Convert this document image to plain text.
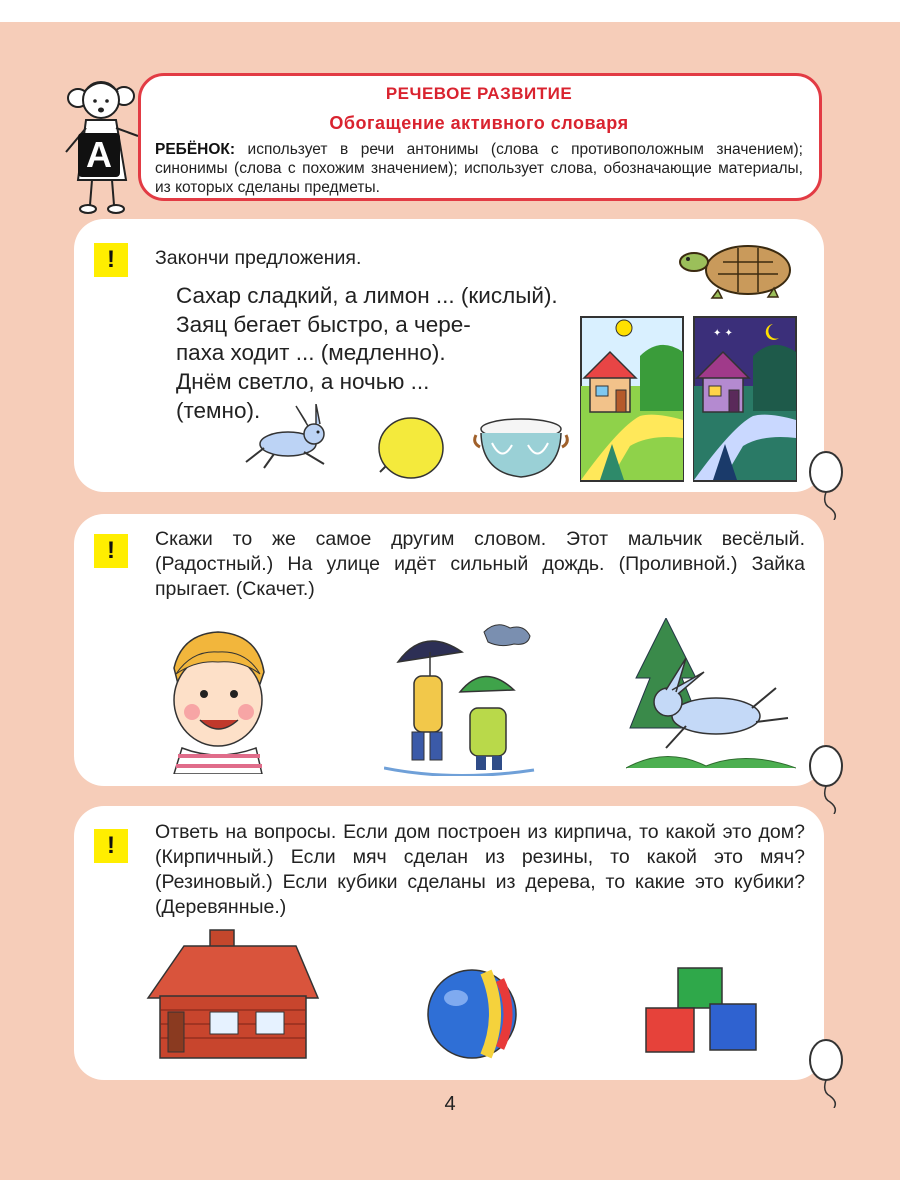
А
РЕЧЕВОЕ РАЗВИТИЕ
Обогащение активного словаря
РЕБЁНОК: использует в речи антонимы (слова с противоположным значением); синонимы (слова с похожим значением); использует слова, обозначающие материалы, из которых сделаны предметы.
!	Закончи предложения.
Сахар сладкий, а лимон ... (кислый).
Заяц бегает быстро, а чере-
паха ходит ... (медленно).
Днём светло, а ночью ...
(темно).
✦ ✦
!	Скажи то же самое другим словом. Этот мальчик весёлый. (Радостный.) На улице идёт сильный дождь. (Проливной.) Зайка прыгает. (Скачет.)
!	Ответь на вопросы. Если дом построен из кирпича, то какой это дом? (Кирпичный.) Если мяч сделан из резины, то какой это мяч? (Резиновый.) Если кубики сделаны из дерева, то какие это кубики? (Деревянные.)
4
